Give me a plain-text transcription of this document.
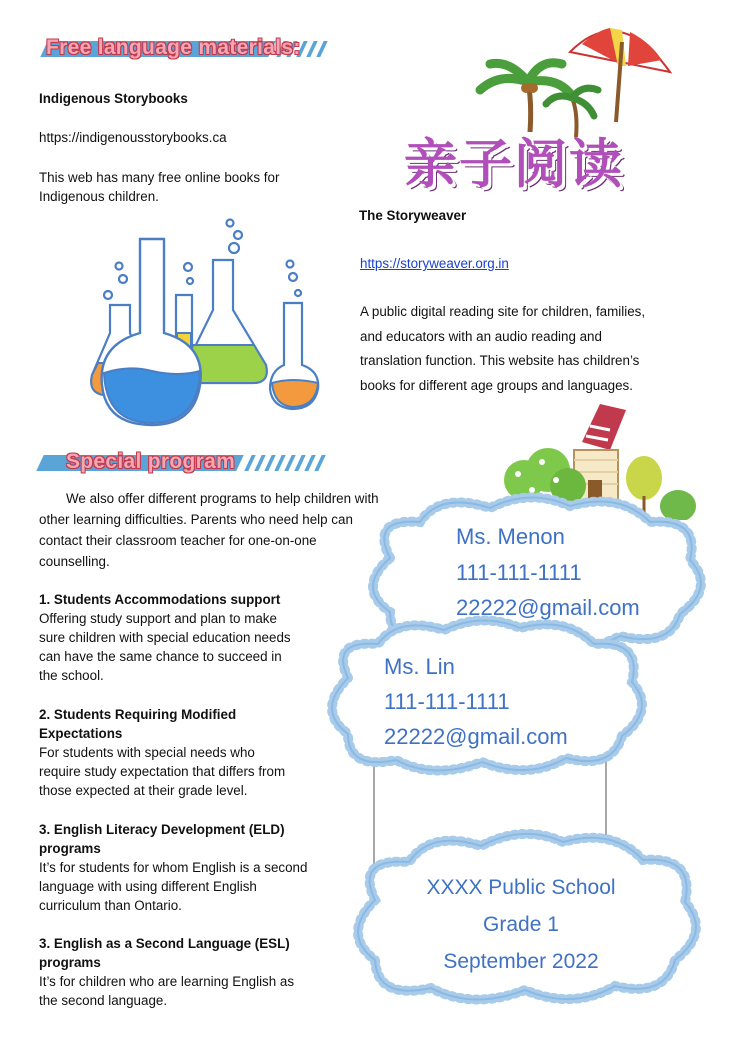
Free language materials:
Indigenous Storybooks
https://indigenousstorybooks.ca
This web has many free online books for
Indigenous children.
亲子阅读
The Storyweaver
https://storyweaver.org.in
A public digital reading site for children, families,
and educators with an audio reading and
translation function. This website has children’s
books for different age groups and languages.
Special program
We also offer different programs to help children with
other learning difficulties. Parents who need help can
contact their classroom teacher for one-on-one
counselling.
1. Students Accommodations support
Offering study support and plan to make
sure children with special education needs
can have the same chance to succeed in
the school.
2. Students Requiring Modified
Expectations
For students with special needs who
require study expectation that differs from
those expected at their grade level.
3. English Literacy Development (ELD)
programs
It’s for students for whom English is a second
language with using different English
curriculum than Ontario.
3. English as a Second Language (ESL)
programs
It’s for children who are learning English as
the second language.
Ms. Menon
111-111-1111
22222@gmail.com
Ms. Lin
111-111-1111
22222@gmail.com
XXXX Public School
Grade 1
September 2022
